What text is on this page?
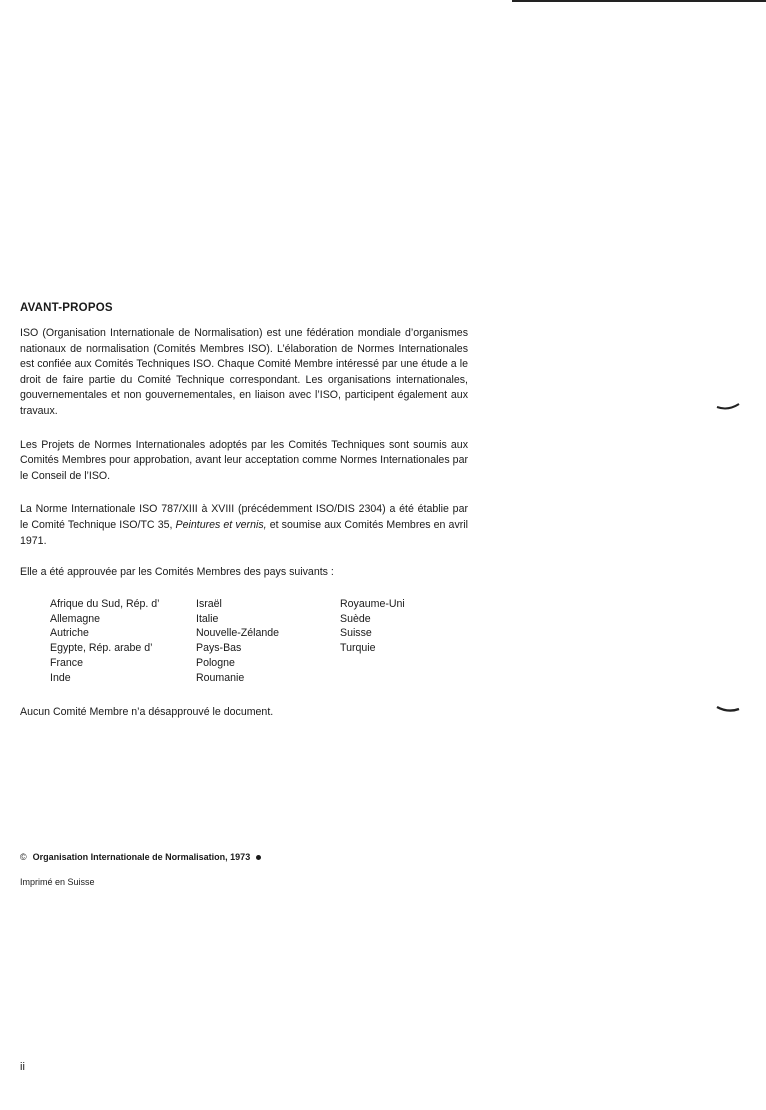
AVANT-PROPOS

ISO (Organisation Internationale de Normalisation) est une fédération mondiale d’organismes nationaux de normalisation (Comités Membres ISO). L’élaboration de Normes Internationales est confiée aux Comités Techniques ISO. Chaque Comité Membre intéressé par une étude a le droit de faire partie du Comité Technique correspondant. Les organisations internationales, gouvernementales et non gouvernementales, en liaison avec l’ISO, participent également aux travaux.

Les Projets de Normes Internationales adoptés par les Comités Techniques sont soumis aux Comités Membres pour approbation, avant leur acceptation comme Normes Internationales par le Conseil de l’ISO.

La Norme Internationale ISO 787/XIII à XVIII (précédemment ISO/DIS 2304) a été établie par le Comité Technique ISO/TC 35, Peintures et vernis, et soumise aux Comités Membres en avril 1971.

Elle a été approuvée par les Comités Membres des pays suivants :

Afrique du Sud, Rép. d’
Allemagne
Autriche
Egypte, Rép. arabe d’
France
Inde
Israël
Italie
Nouvelle-Zélande
Pays-Bas
Pologne
Roumanie
Royaume-Uni
Suède
Suisse
Turquie
Aucun Comité Membre n’a désapprouvé le document.
© Organisation Internationale de Normalisation, 1973
Imprimé en Suisse
ii
